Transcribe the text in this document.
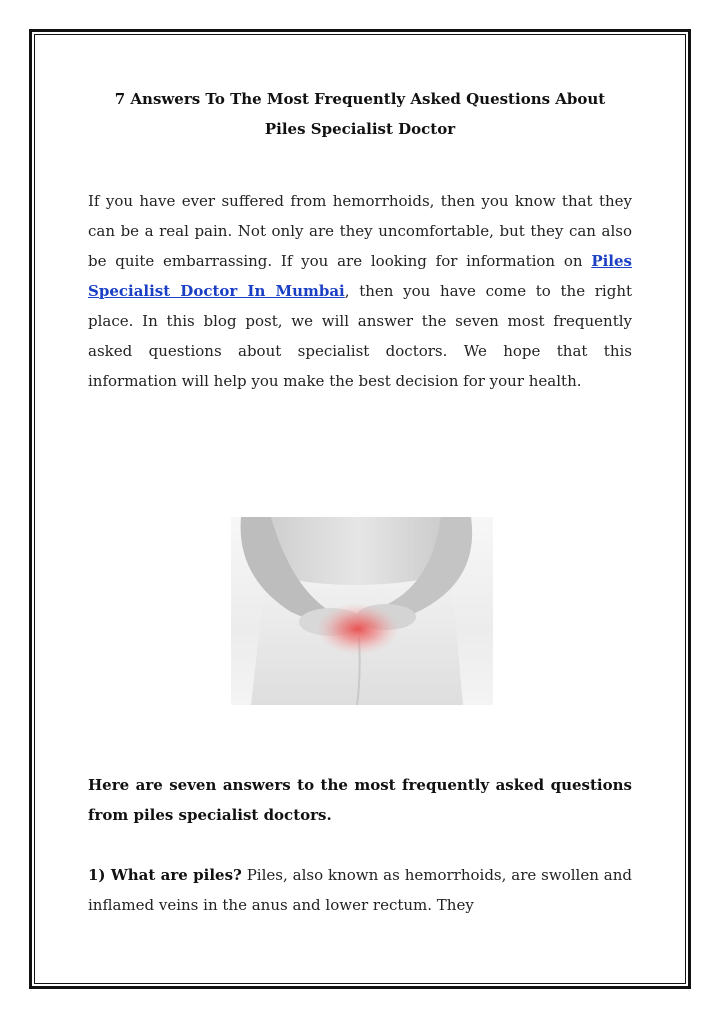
7 Answers To The Most Frequently Asked Questions About
Piles Specialist Doctor
If you have ever suffered from hemorrhoids, then you know that they can be a real pain. Not only are they uncomfortable, but they can also be quite embarrassing. If you are looking for information on Piles Specialist Doctor In Mumbai, then you have come to the right place. In this blog post, we will answer the seven most frequently asked questions about specialist doctors. We hope that this information will help you make the best decision for your health.
Here are seven answers to the most frequently asked questions from piles specialist doctors.
1) What are piles? Piles, also known as hemorrhoids, are swollen and inflamed veins in the anus and lower rectum. They
